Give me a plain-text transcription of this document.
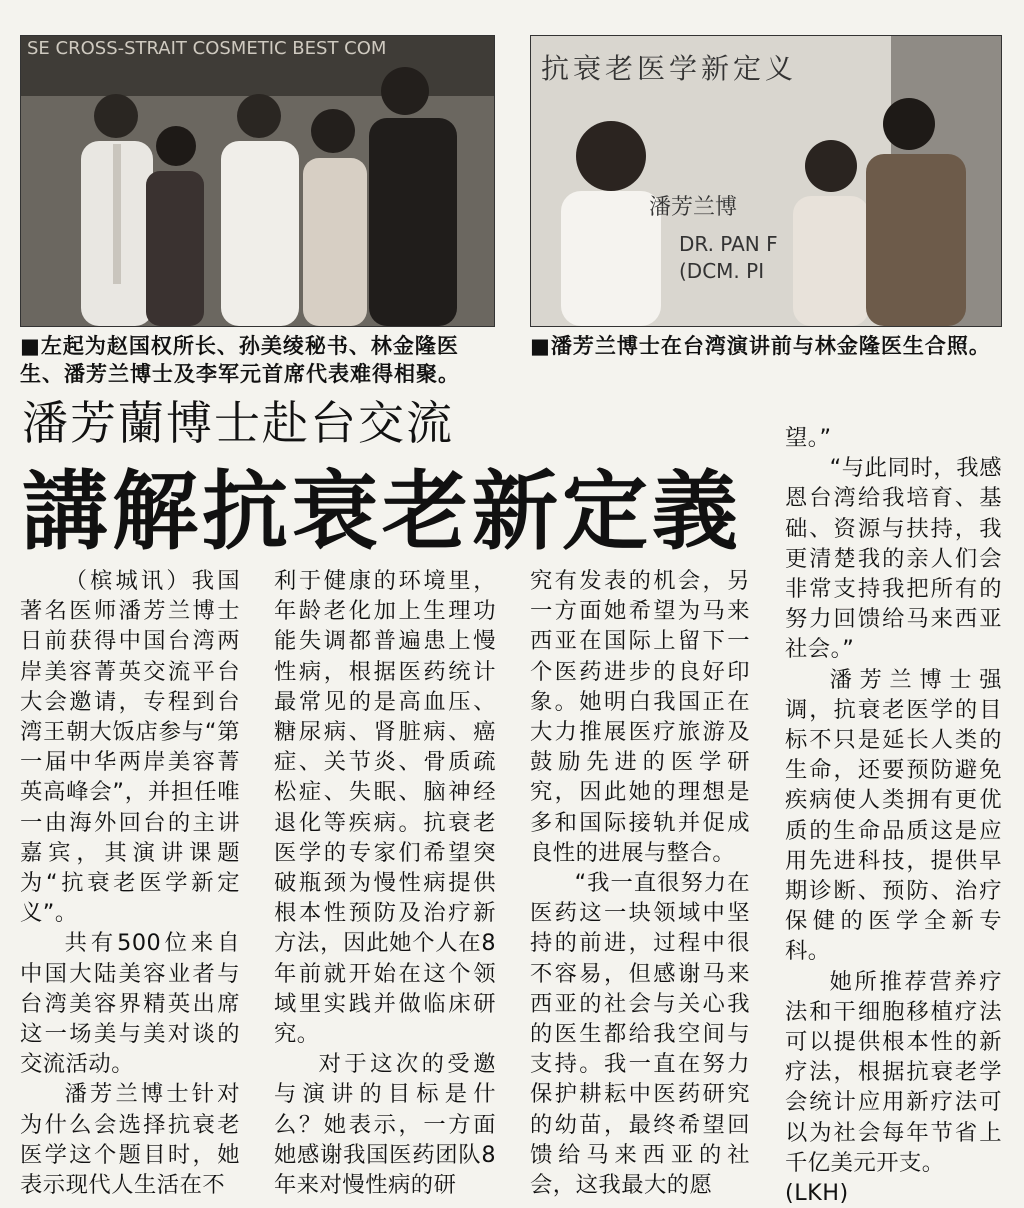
SE CROSS-STRAIT COSMETIC BEST COM
抗衰老医学新定义
潘芳兰博
DR. PAN F
(DCM. PI
■左起为赵国权所长、孙美绫秘书、林金隆医生、潘芳兰博士及李军元首席代表难得相聚。
■潘芳兰博士在台湾演讲前与林金隆医生合照。
潘芳蘭博士赴台交流
講解抗衰老新定義

（槟城讯）我国著名医师潘芳兰博士日前获得中国台湾两岸美容菁英交流平台大会邀请，专程到台湾王朝大饭店参与“第一届中华两岸美容菁英高峰会”，并担任唯一由海外回台的主讲嘉宾，其演讲课题为“抗衰老医学新定义”。

共有500位来自中国大陆美容业者与台湾美容界精英出席这一场美与美对谈的交流活动。

潘芳兰博士针对为什么会选择抗衰老医学这个题目时，她表示现代人生活在不

利于健康的环境里，年龄老化加上生理功能失调都普遍患上慢性病，根据医药统计最常见的是高血压、糖尿病、肾脏病、癌症、关节炎、骨质疏松症、失眠、脑神经退化等疾病。抗衰老医学的专家们希望突破瓶颈为慢性病提供根本性预防及治疗新方法，因此她个人在8年前就开始在这个领域里实践并做临床研究。

对于这次的受邀与演讲的目标是什么？她表示，一方面她感谢我国医药团队8年来对慢性病的研

究有发表的机会，另一方面她希望为马来西亚在国际上留下一个医药进步的良好印象。她明白我国正在大力推展医疗旅游及鼓励先进的医学研究，因此她的理想是多和国际接轨并促成良性的进展与整合。

“我一直很努力在医药这一块领域中坚持的前进，过程中很不容易，但感谢马来西亚的社会与关心我的医生都给我空间与支持。我一直在努力保护耕耘中医药研究的幼苗，最终希望回馈给马来西亚的社会，这我最大的愿

望。”

“与此同时，我感恩台湾给我培育、基础、资源与扶持，我更清楚我的亲人们会非常支持我把所有的努力回馈给马来西亚社会。”

潘芳兰博士强调，抗衰老医学的目标不只是延长人类的生命，还要预防避免疾病使人类拥有更优质的生命品质这是应用先进科技，提供早期诊断、预防、治疗保健的医学全新专科。

她所推荐营养疗法和干细胞移植疗法可以提供根本性的新疗法，根据抗衰老学会统计应用新疗法可以为社会每年节省上千亿美元开支。

(LKH)
